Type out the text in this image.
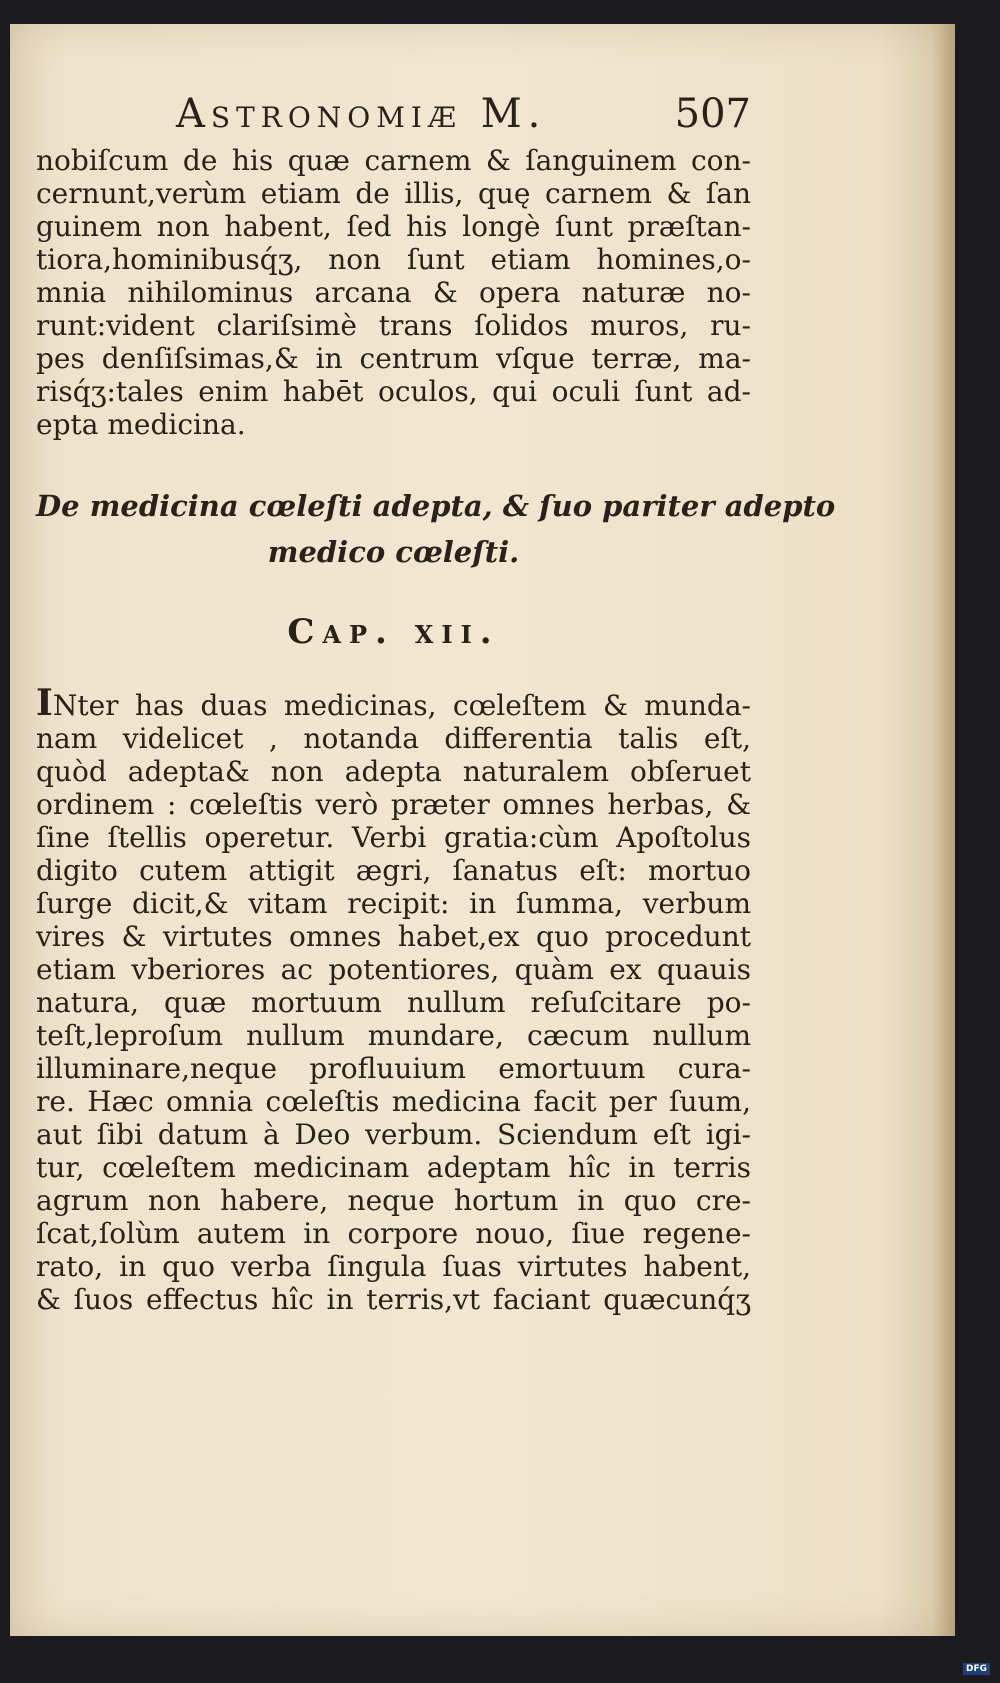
Astronomiæ M.	507

nobiſcum de his quæ carnem & ſanguinem con-
cernunt,verùm etiam de illis, quę carnem & ſan
guinem non habent, ſed his longè ſunt præſtan-
tiora,hominibusq́ʒ, non ſunt etiam homines,o-
mnia nihilominus arcana & opera naturæ no-
runt:vident clariſsimè trans ſolidos muros, ru-
pes denſiſsimas,& in centrum vſque terræ, ma-
risq́ʒ:tales enim habēt oculos, qui oculi ſunt ad-
epta medicina.

De medicina cœleſti adepta, & ſuo pariter adepto
medico cœleſti.
Cap. xii.

INter has duas medicinas, cœleſtem & munda-
nam videlicet , notanda differentia talis eſt,
quòd adepta& non adepta naturalem obſeruet
ordinem : cœleſtis verò præter omnes herbas, &
ſine ſtellis operetur. Verbi gratia:cùm Apoſtolus
digito cutem attigit ægri, ſanatus eſt: mortuo
ſurge dicit,& vitam recipit: in ſumma, verbum
vires & virtutes omnes habet,ex quo procedunt
etiam vberiores ac potentiores, quàm ex quauis
natura, quæ mortuum nullum reſuſcitare po-
teſt,leproſum nullum mundare, cæcum nullum
illuminare,neque profluuium emortuum cura-
re. Hæc omnia cœleſtis medicina facit per ſuum,
aut ſibi datum à Deo verbum. Sciendum eſt igi-
tur, cœleſtem medicinam adeptam hîc in terris
agrum non habere, neque hortum in quo cre-
ſcat,ſolùm autem in corpore nouo, ſiue regene-
rato, in quo verba ſingula ſuas virtutes habent,
& ſuos effectus hîc in terris,vt faciant quæcunq́ʒ

Digitalisierung gefördert durch die Deutsche Forschungsgemeinschaft - DFG
